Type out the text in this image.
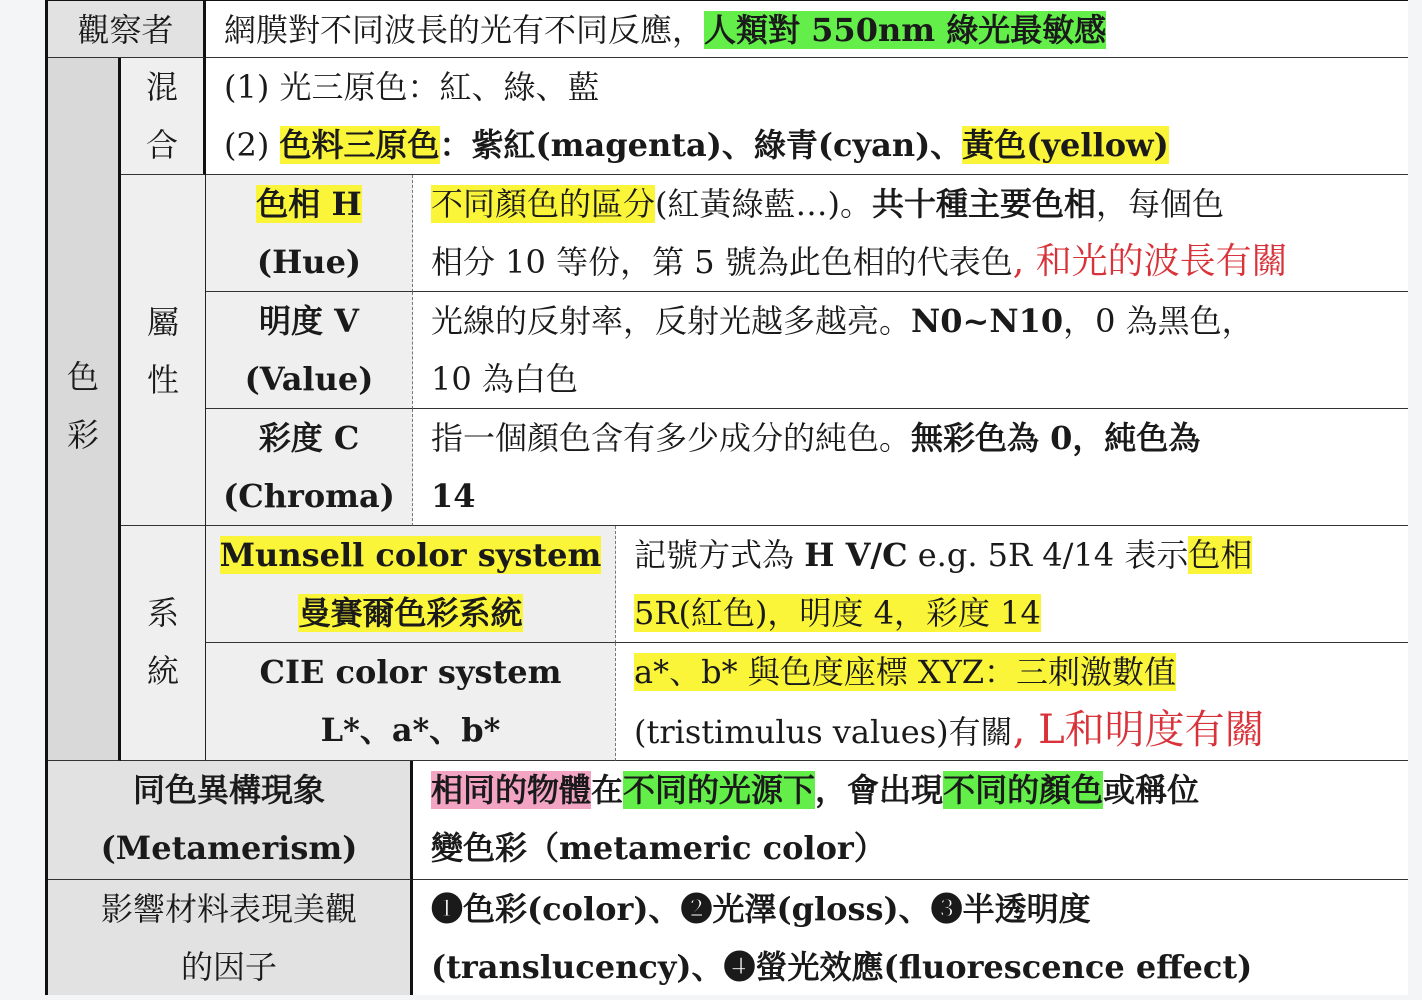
觀察者	網膜對不同波長的光有不同反應，人類對 550nm 綠光最敏感
色
彩
混
合
(1) 光三原色：紅、綠、藍
(2) 色料三原色：紫紅(magenta)、綠青(cyan)、黃色(yellow)
屬
性
色相 H
(Hue)
不同顏色的區分(紅黃綠藍…)。共十種主要色相，每個色
相分 10 等份，第 5 號為此色相的代表色, 和光的波長有關
明度 V
(Value)
光線的反射率，反射光越多越亮。N0~N10，0 為黑色，
10 為白色
彩度 C
(Chroma)
指一個顏色含有多少成分的純色。無彩色為 0，純色為
14
系
統
Munsell color system
曼賽爾色彩系統
記號方式為 H V/C e.g. 5R 4/14 表示色相
5R(紅色)，明度 4，彩度 14
CIE color system
L*、a*、b*
a*、b* 與色度座標 XYZ：三刺激數值
(tristimulus values)有關, L和明度有關
同色異構現象
(Metamerism)
相同的物體在不同的光源下，會出現不同的顏色或稱位
變色彩（metameric color）
影響材料表現美觀
的因子
❶色彩(color)、❷光澤(gloss)、❸半透明度
(translucency)、❹螢光效應(fluorescence effect)
